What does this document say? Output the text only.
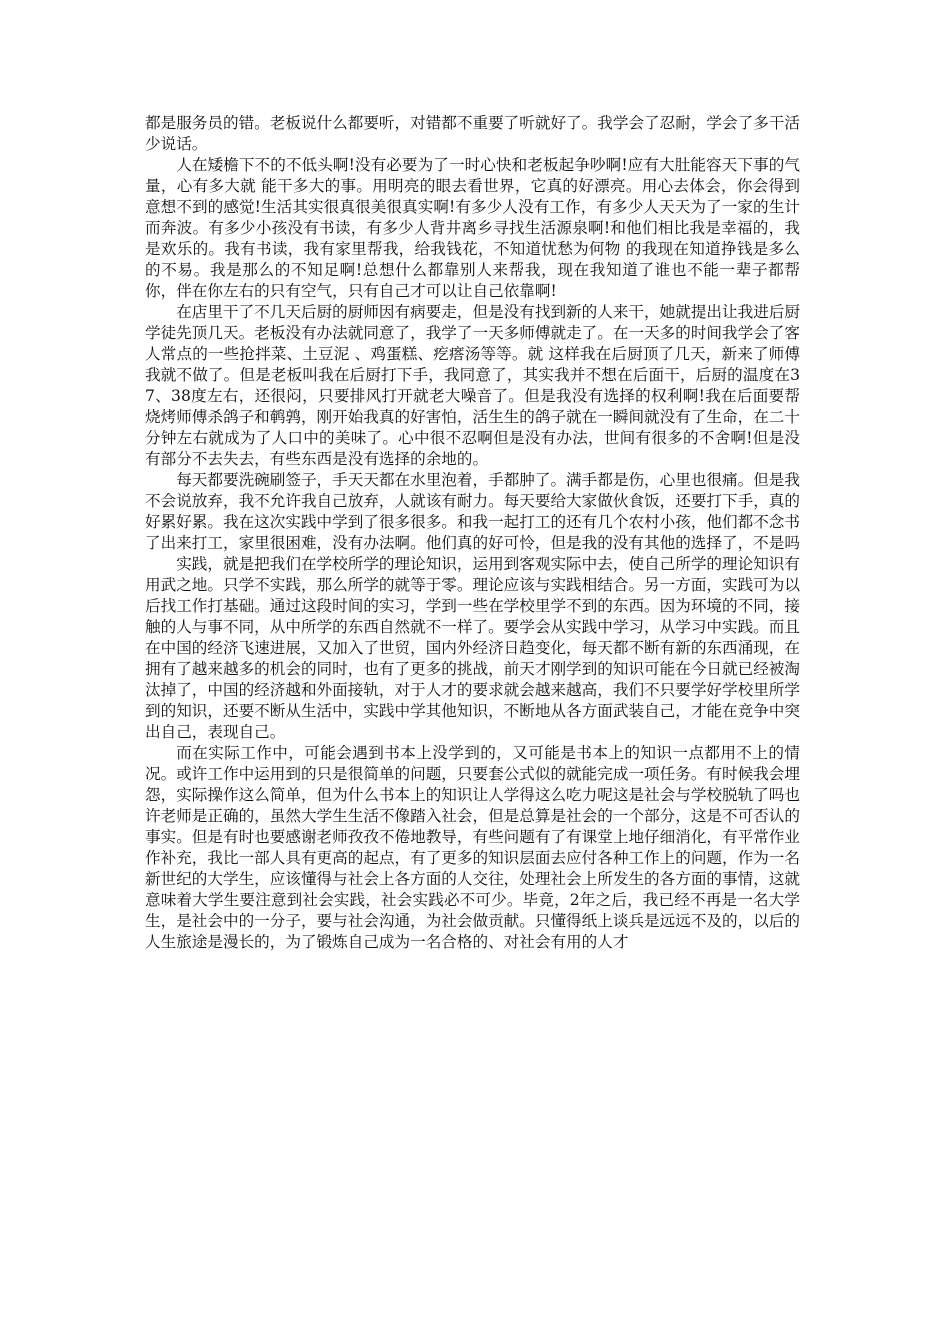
都是服务员的错。老板说什么都要听，对错都不重要了听就好了。我学会了忍耐，学会了多干活少说话。

人在矮檐下不的不低头啊!没有必要为了一时心快和老板起争吵啊!应有大肚能容天下事的气量，心有多大就 能干多大的事。用明亮的眼去看世界，它真的好漂亮。用心去体会，你会得到意想不到的感觉!生活其实很真很美很真实啊!有多少人没有工作，有多少人天天为了一家的生计而奔波。有多少小孩没有书读，有多少人背井离乡寻找生活源泉啊!和他们相比我是幸福的，我是欢乐的。我有书读，我有家里帮我，给我钱花，不知道忧愁为何物 的我现在知道挣钱是多么的不易。我是那么的不知足啊!总想什么都靠别人来帮我，现在我知道了谁也不能一辈子都帮你，伴在你左右的只有空气，只有自己才可以让自己依靠啊!

在店里干了不几天后厨的厨师因有病要走，但是没有找到新的人来干，她就提出让我进后厨学徒先顶几天。老板没有办法就同意了，我学了一天多师傅就走了。在一天多的时间我学会了客人常点的一些抢拌菜、土豆泥 、鸡蛋糕、疙瘩汤等等。就 这样我在后厨顶了几天，新来了师傅我就不做了。但是老板叫我在后厨打下手，我同意了，其实我并不想在后面干，后厨的温度在37、38度左右，还很闷，只要排风打开就老大噪音了。但是我没有选择的权利啊!我在后面要帮烧烤师傅杀鸽子和鹌鹑，刚开始我真的好害怕，活生生的鸽子就在一瞬间就没有了生命，在二十分钟左右就成为了人口中的美味了。心中很不忍啊但是没有办法，世间有很多的不舍啊!但是没有部分不去失去，有些东西是没有选择的余地的。

每天都要洗碗刷签子，手天天都在水里泡着，手都肿了。满手都是伤，心里也很痛。但是我不会说放弃，我不允许我自己放弃，人就该有耐力。每天要给大家做伙食饭，还要打下手，真的好累好累。我在这次实践中学到了很多很多。和我一起打工的还有几个农村小孩，他们都不念书了出来打工，家里很困难，没有办法啊。他们真的好可怜，但是我的没有其他的选择了，不是吗

实践，就是把我们在学校所学的理论知识，运用到客观实际中去，使自己所学的理论知识有用武之地。只学不实践，那么所学的就等于零。理论应该与实践相结合。另一方面，实践可为以后找工作打基础。通过这段时间的实习，学到一些在学校里学不到的东西。因为环境的不同，接触的人与事不同，从中所学的东西自然就不一样了。要学会从实践中学习，从学习中实践。而且在中国的经济飞速进展，又加入了世贸，国内外经济日趋变化，每天都不断有新的东西涌现，在拥有了越来越多的机会的同时，也有了更多的挑战，前天才刚学到的知识可能在今日就已经被淘汰掉了，中国的经济越和外面接轨，对于人才的要求就会越来越高，我们不只要学好学校里所学到的知识，还要不断从生活中，实践中学其他知识，不断地从各方面武装自己，才能在竞争中突出自己，表现自己。

而在实际工作中，可能会遇到书本上没学到的，又可能是书本上的知识一点都用不上的情况。或许工作中运用到的只是很简单的问题，只要套公式似的就能完成一项任务。有时候我会埋怨，实际操作这么简单，但为什么书本上的知识让人学得这么吃力呢这是社会与学校脱轨了吗也许老师是正确的，虽然大学生生活不像踏入社会，但是总算是社会的一个部分，这是不可否认的事实。但是有时也要感谢老师孜孜不倦地教导，有些问题有了有课堂上地仔细消化，有平常作业作补充，我比一部人具有更高的起点，有了更多的知识层面去应付各种工作上的问题，作为一名新世纪的大学生，应该懂得与社会上各方面的人交往，处理社会上所发生的各方面的事情，这就意味着大学生要注意到社会实践，社会实践必不可少。毕竟，2年之后，我已经不再是一名大学生，是社会中的一分子，要与社会沟通，为社会做贡献。只懂得纸上谈兵是远远不及的，以后的人生旅途是漫长的，为了锻炼自己成为一名合格的、对社会有用的人才
